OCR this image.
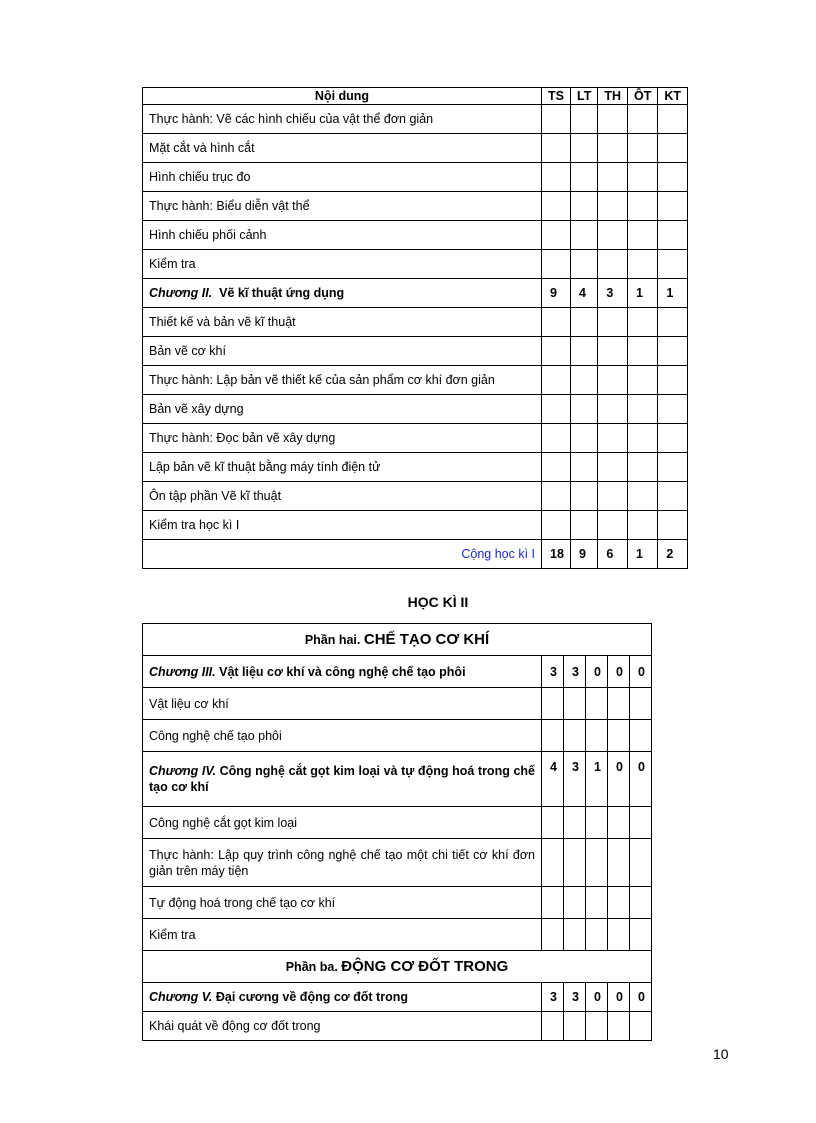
Nội dung	TS	LT	TH	ÔT	KT
Thực hành: Vẽ các hình chiếu của vật thể đơn giản					
Mặt cắt và hình cắt					
Hình chiếu trục đo					
Thực hành: Biểu diễn vật thể					
Hình chiếu phối cảnh					
Kiểm tra					
Chương II. Vẽ kĩ thuật ứng dụng	9	4	3	1	1
Thiết kế và bản vẽ kĩ thuật					
Bản vẽ cơ khí					
Thực hành: Lập bản vẽ thiết kế của sản phẩm cơ khí đơn giản					
Bản vẽ xây dựng					
Thực hành: Đọc bản vẽ xây dựng					
Lập bản vẽ kĩ thuật bằng máy tính điện tử					
Ôn tập phần Vẽ kĩ thuật					
Kiểm tra học kì I					
Cộng học kì I	18	9	6	1	2
HỌC KÌ II
Phần hai. CHẾ TẠO CƠ KHÍ					
Chương III. Vật liệu cơ khí và công nghệ chế tạo phôi	3	3	0	0	0
Vật liệu cơ khí					
Công nghệ chế tạo phôi					
Chương IV. Công nghệ cắt gọt kim loại và tự động hoá trong chế tạo cơ khí	4	3	1	0	0
Công nghệ cắt gọt kim loại					
Thực hành: Lập quy trình công nghệ chế tạo một chi tiết cơ khí đơn giản trên máy tiện					
Tự động hoá trong chế tạo cơ khí					
Kiểm tra					
Phần ba. ĐỘNG CƠ ĐỐT TRONG					
Chương V. Đại cương về động cơ đốt trong	3	3	0	0	0
Khái quát về động cơ đốt trong					
10
